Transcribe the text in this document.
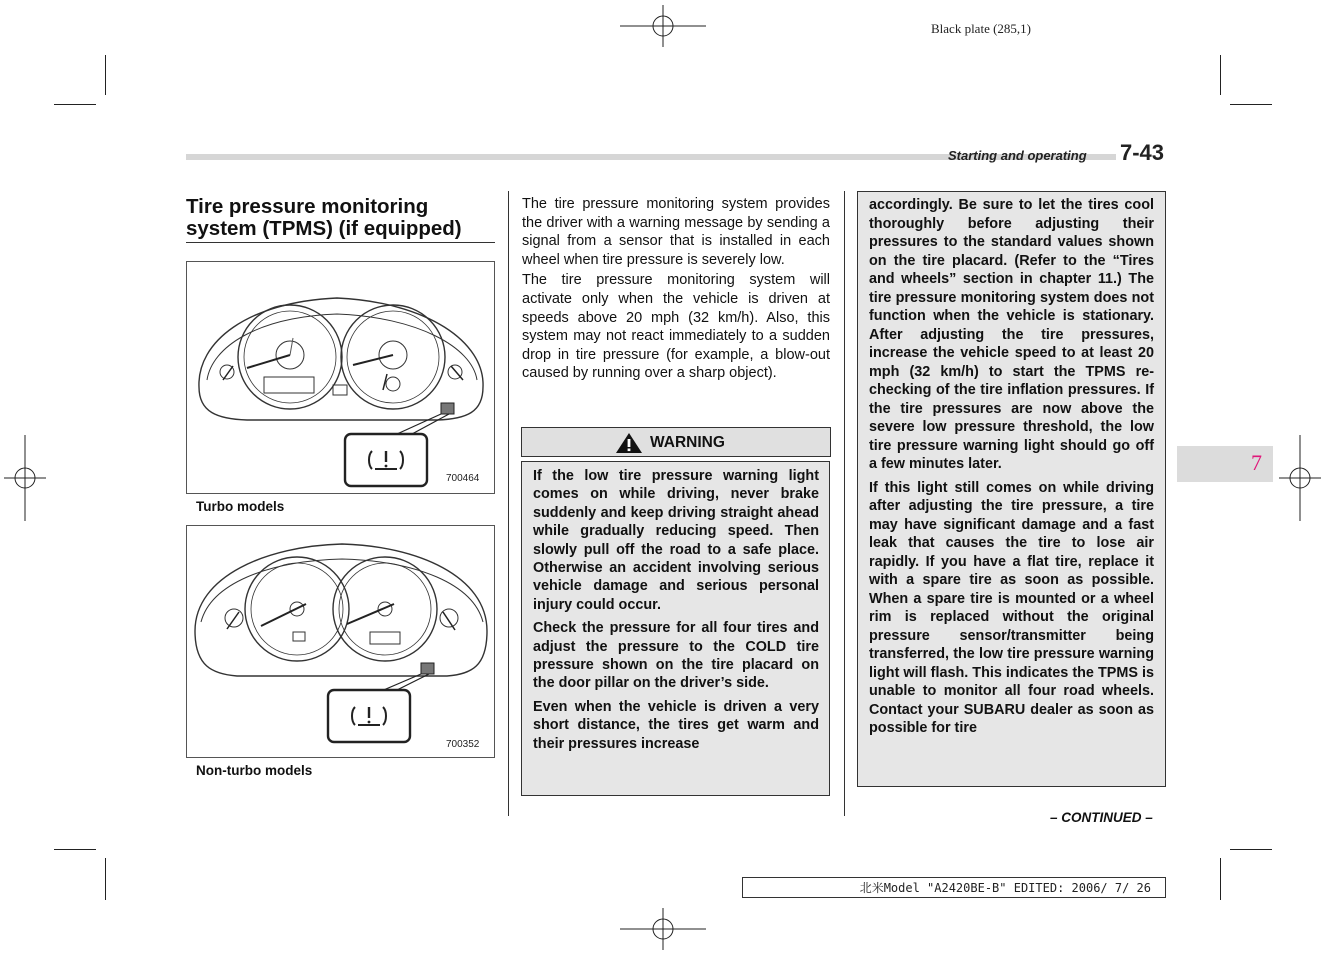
Black plate (285,1)
Starting and operating 7-43
Tire pressure monitoring system (TPMS) (if equipped)
700464
Turbo models
700352
Non-turbo models

The tire pressure monitoring system provides the driver with a warning message by sending a signal from a sensor that is installed in each wheel when tire pressure is severely low.

The tire pressure monitoring system will activate only when the vehicle is driven at speeds above 20 mph (32 km/h). Also, this system may not react immediately to a sudden drop in tire pressure (for example, a blow-out caused by running over a sharp object).

WARNING

If the low tire pressure warning light comes on while driving, never brake suddenly and keep driving straight ahead while gradually reducing speed. Then slowly pull off the road to a safe place. Otherwise an accident involving serious vehicle damage and serious personal injury could occur.

Check the pressure for all four tires and adjust the pressure to the COLD tire pressure shown on the tire placard on the door pillar on the driver’s side.

Even when the vehicle is driven a very short distance, the tires get warm and their pressures increase

accordingly. Be sure to let the tires cool thoroughly before adjusting their pressures to the standard values shown on the tire placard. (Refer to the “Tires and wheels” section in chapter 11.) The tire pressure monitoring system does not function when the vehicle is stationary. After adjusting the tire pressures, increase the vehicle speed to at least 20 mph (32 km/h) to start the TPMS re-checking of the tire inflation pressures. If the tire pressures are now above the severe low pressure threshold, the low tire pressure warning light should go off a few minutes later.

If this light still comes on while driving after adjusting the tire pressure, a tire may have significant damage and a fast leak that causes the tire to lose air rapidly. If you have a flat tire, replace it with a spare tire as soon as possible. When a spare tire is mounted or a wheel rim is replaced without the original pressure sensor/transmitter being transferred, the low tire pressure warning light will flash. This indicates the TPMS is unable to monitor all four road wheels. Contact your SUBARU dealer as soon as possible for tire

– CONTINUED –
7
北米Model "A2420BE-B" EDITED: 2006/ 7/ 26
